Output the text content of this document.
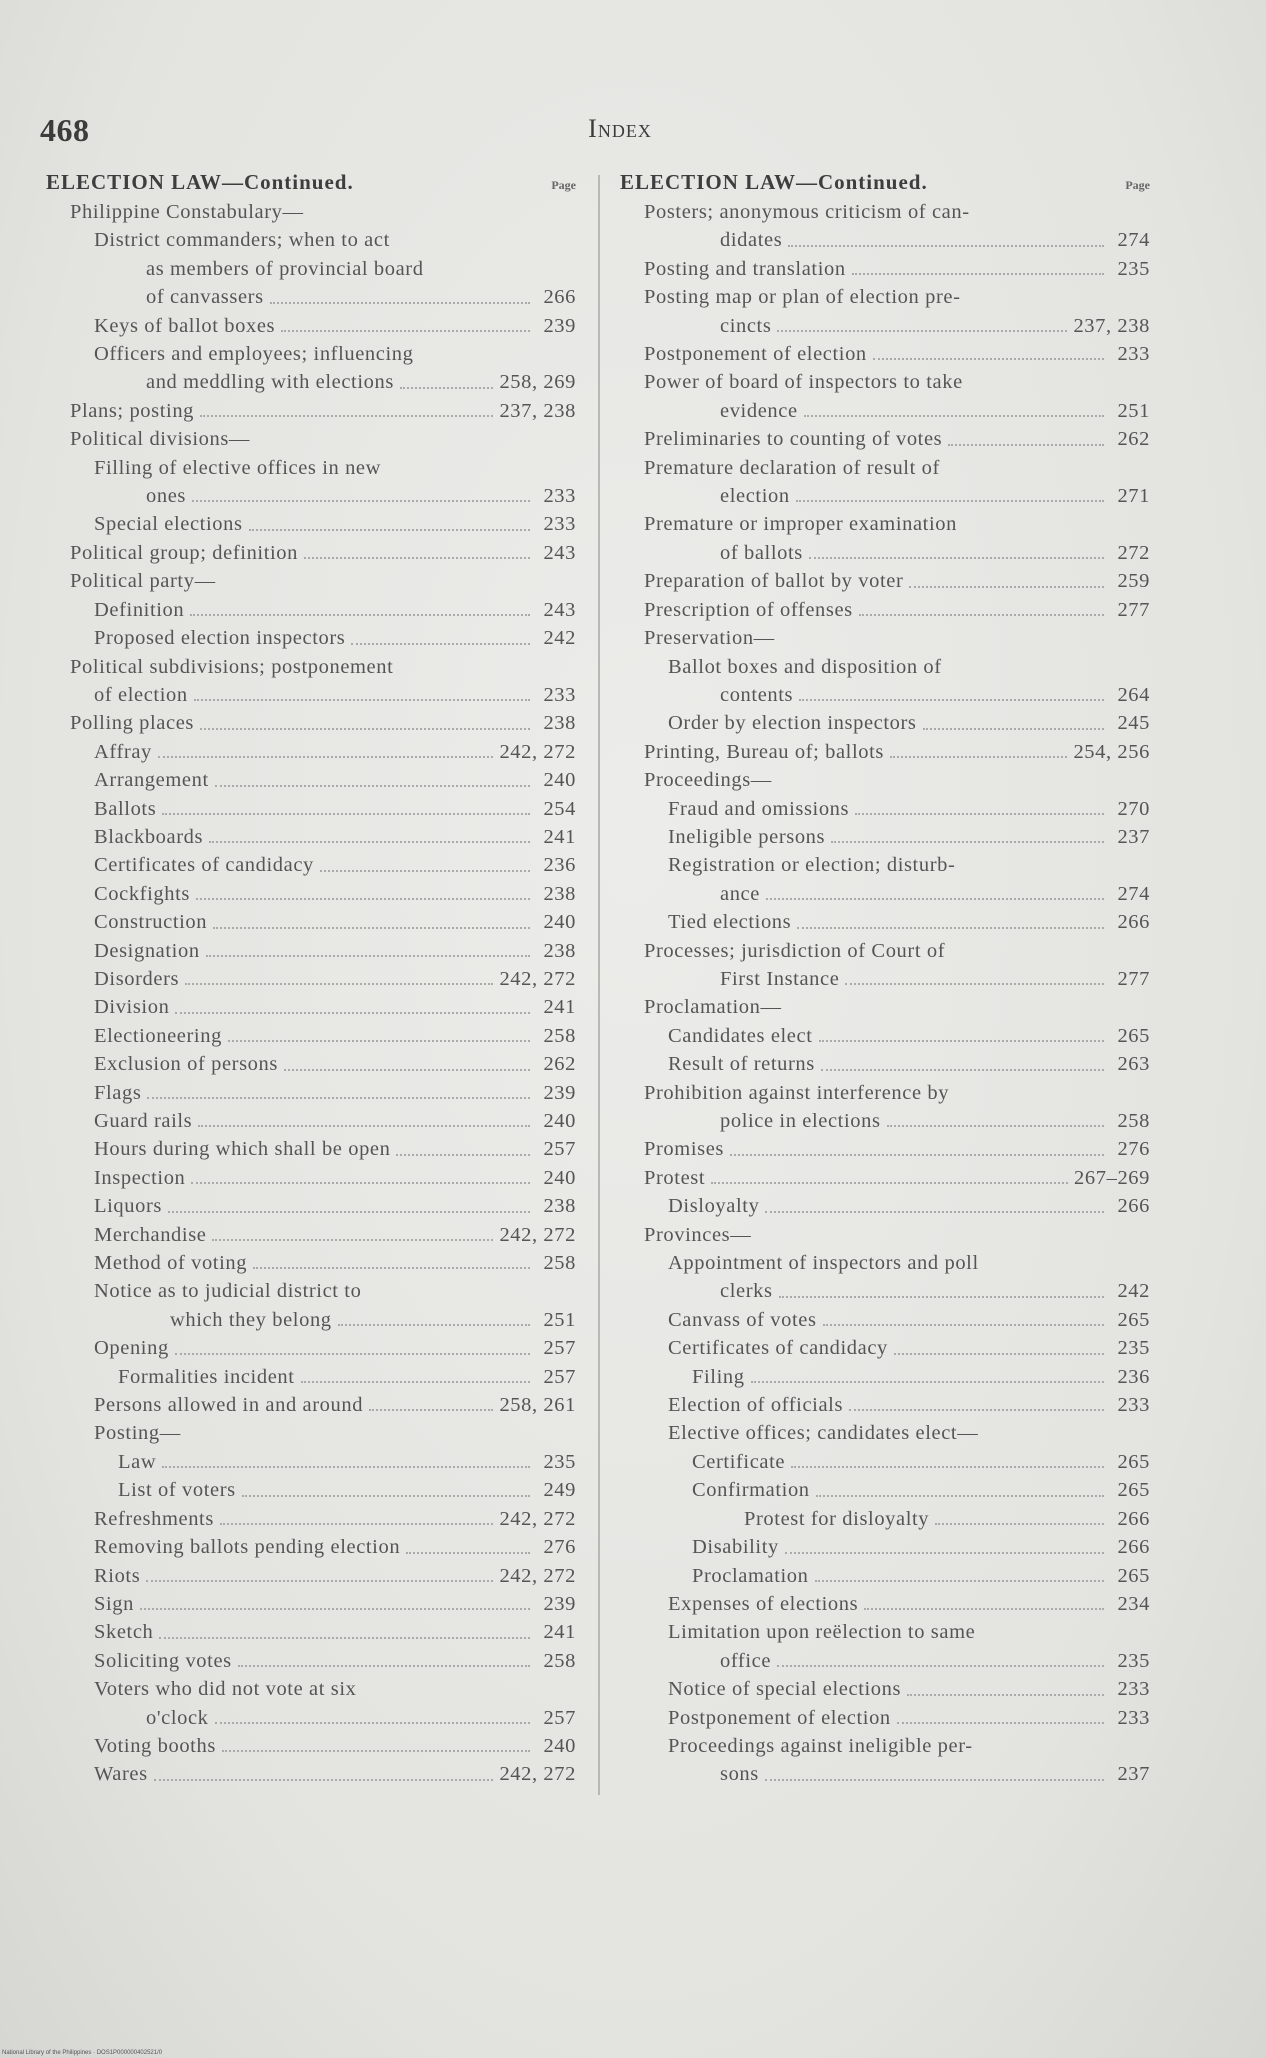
468	Index
ELECTION LAW—Continued.	Page
Philippine Constabulary—
District commanders; when to act
as members of provincial board
of canvassers	266
Keys of ballot boxes	239
Officers and employees; influencing
and meddling with elections	258, 269
Plans; posting	237, 238
Political divisions—
Filling of elective offices in new
ones	233
Special elections	233
Political group; definition	243
Political party—
Definition	243
Proposed election inspectors	242
Political subdivisions; postponement
of election	233
Polling places	238
Affray	242, 272
Arrangement	240
Ballots	254
Blackboards	241
Certificates of candidacy	236
Cockfights	238
Construction	240
Designation	238
Disorders	242, 272
Division	241
Electioneering	258
Exclusion of persons	262
Flags	239
Guard rails	240
Hours during which shall be open	257
Inspection	240
Liquors	238
Merchandise	242, 272
Method of voting	258
Notice as to judicial district to
which they belong	251
Opening	257
Formalities incident	257
Persons allowed in and around	258, 261
Posting—
Law	235
List of voters	249
Refreshments	242, 272
Removing ballots pending election	276
Riots	242, 272
Sign	239
Sketch	241
Soliciting votes	258
Voters who did not vote at six
o'clock	257
Voting booths	240
Wares	242, 272
ELECTION LAW—Continued.	Page
Posters; anonymous criticism of can-
didates	274
Posting and translation	235
Posting map or plan of election pre-
cincts	237, 238
Postponement of election	233
Power of board of inspectors to take
evidence	251
Preliminaries to counting of votes	262
Premature declaration of result of
election	271
Premature or improper examination
of ballots	272
Preparation of ballot by voter	259
Prescription of offenses	277
Preservation—
Ballot boxes and disposition of
contents	264
Order by election inspectors	245
Printing, Bureau of; ballots	254, 256
Proceedings—
Fraud and omissions	270
Ineligible persons	237
Registration or election; disturb-
ance	274
Tied elections	266
Processes; jurisdiction of Court of
First Instance	277
Proclamation—
Candidates elect	265
Result of returns	263
Prohibition against interference by
police in elections	258
Promises	276
Protest	267–269
Disloyalty	266
Provinces—
Appointment of inspectors and poll
clerks	242
Canvass of votes	265
Certificates of candidacy	235
Filing	236
Election of officials	233
Elective offices; candidates elect—
Certificate	265
Confirmation	265
Protest for disloyalty	266
Disability	266
Proclamation	265
Expenses of elections	234
Limitation upon reëlection to same
office	235
Notice of special elections	233
Postponement of election	233
Proceedings against ineligible per-
sons	237
National Library of the Philippines · DOS1P000000402521/0
